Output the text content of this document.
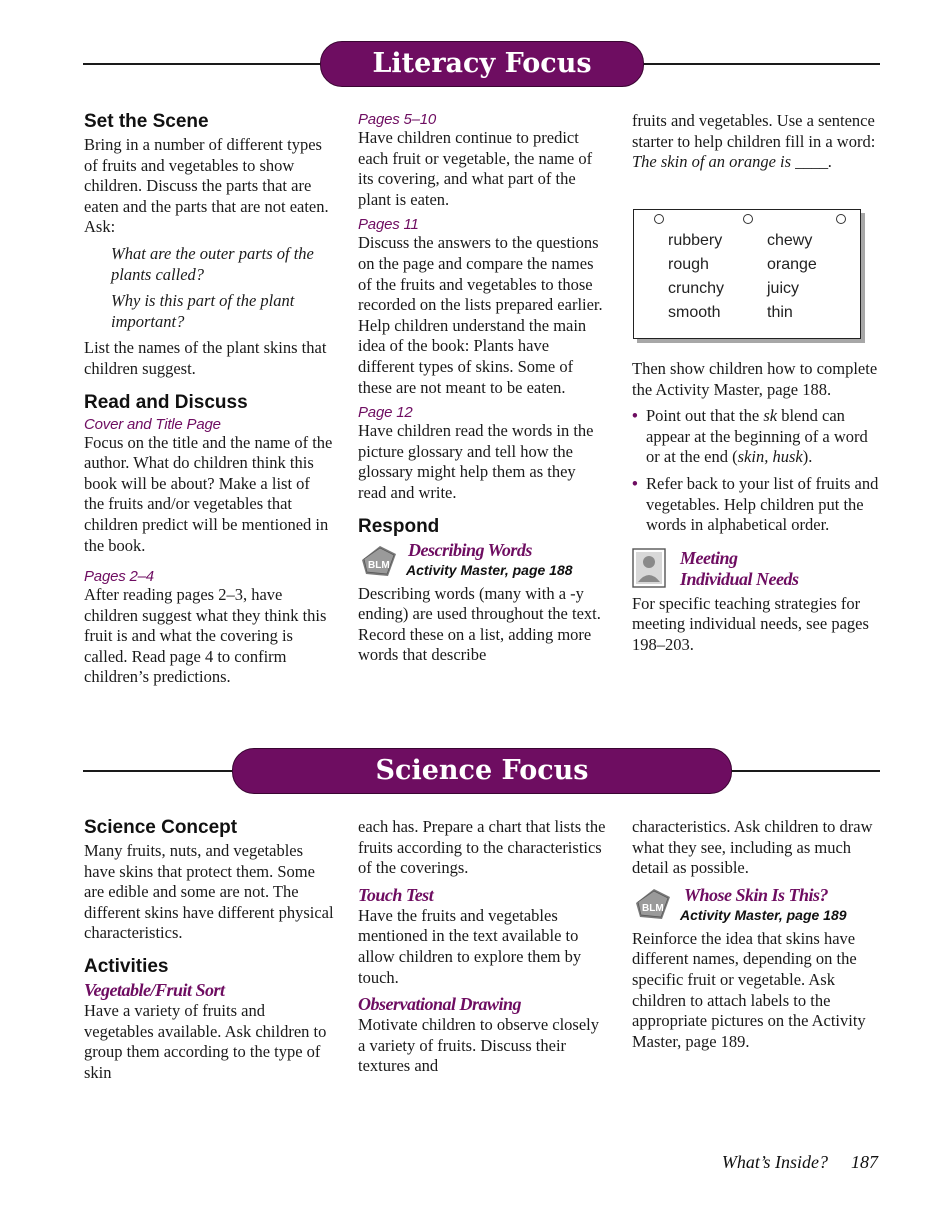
Literacy Focus
Set the Scene

Bring in a number of different types of fruits and vegetables to show children. Discuss the parts that are eaten and the parts that are not eaten. Ask:

What are the outer parts of the plants called?

Why is this part of the plant important?

List the names of the plant skins that children suggest.

Read and Discuss
Cover and Title Page

Focus on the title and the name of the author. What do children think this book will be about? Make a list of the fruits and/or vegetables that children predict will be mentioned in the book.

Pages 2–4

After reading pages 2–3, have children suggest what they think this fruit is and what the covering is called. Read page 4 to confirm children’s predictions.

Pages 5–10

Have children continue to predict each fruit or vegetable, the name of its covering, and what part of the plant is eaten.

Pages 11

Discuss the answers to the questions on the page and compare the names of the fruits and vegetables to those recorded on the lists prepared earlier. Help children understand the main idea of the book: Plants have different types of skins. Some of these are not meant to be eaten.

Page 12

Have children read the words in the picture glossary and tell how the glossary might help them as they read and write.

Respond
BLM
Describing Words
Activity Master, page 188

Describing words (many with a -y ending) are used throughout the text. Record these on a list, adding more words that describe

fruits and vegetables. Use a sentence starter to help children fill in a word: The skin of an orange is ____.

rubbery
rough
crunchy
smooth
chewy
orange
juicy
thin

Then show children how to complete the Activity Master, page 188.

• Point out that the sk blend can appear at the beginning of a word or at the end (skin, husk).

• Refer back to your list of fruits and vegetables. Help children put the words in alphabetical order.

Meeting
Individual Needs

For specific teaching strategies for meeting individual needs, see pages 198–203.

Science Focus
Science Concept

Many fruits, nuts, and vegetables have skins that protect them. Some are edible and some are not. The different skins have different physical characteristics.

Activities
Vegetable/Fruit Sort

Have a variety of fruits and vegetables available. Ask children to group them according to the type of skin

each has. Prepare a chart that lists the fruits according to the characteristics of the coverings.

Touch Test

Have the fruits and vegetables mentioned in the text available to allow children to explore them by touch.

Observational Drawing

Motivate children to observe closely a variety of fruits. Discuss their textures and

characteristics. Ask children to draw what they see, including as much detail as possible.

BLM
Whose Skin Is This?
Activity Master, page 189

Reinforce the idea that skins have different names, depending on the specific fruit or vegetable. Ask children to attach labels to the appropriate pictures on the Activity Master, page 189.

What’s Inside? 187
